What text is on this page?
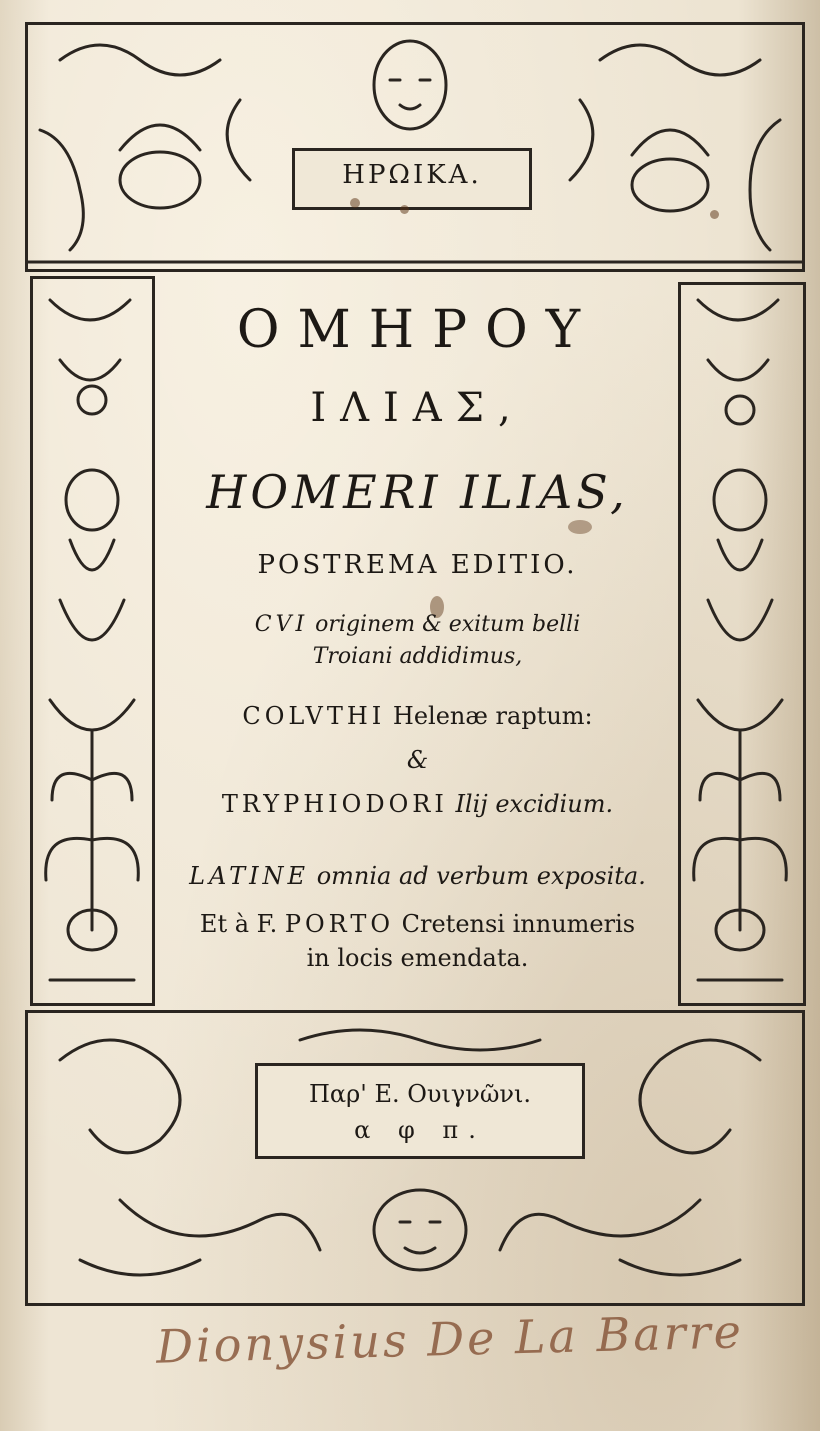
ΗΡΩΙΚΑ.
ΟΜΗΡΟΥ
ΙΛΙΑΣ,
HOMERI ILIAS,
POSTREMA EDITIO.
CVI originem & exitum belli
Troiani addidimus,
COLVTHI Helenæ raptum:
&
TRYPHIODORI Ilij excidium.
LATINE omnia ad verbum exposita.
Et à F. PORTO Cretensi innumeris
in locis emendata.
Παρ' Ε. Ουιγνῶνι.
α φ π.
Dionysius De La Barre
